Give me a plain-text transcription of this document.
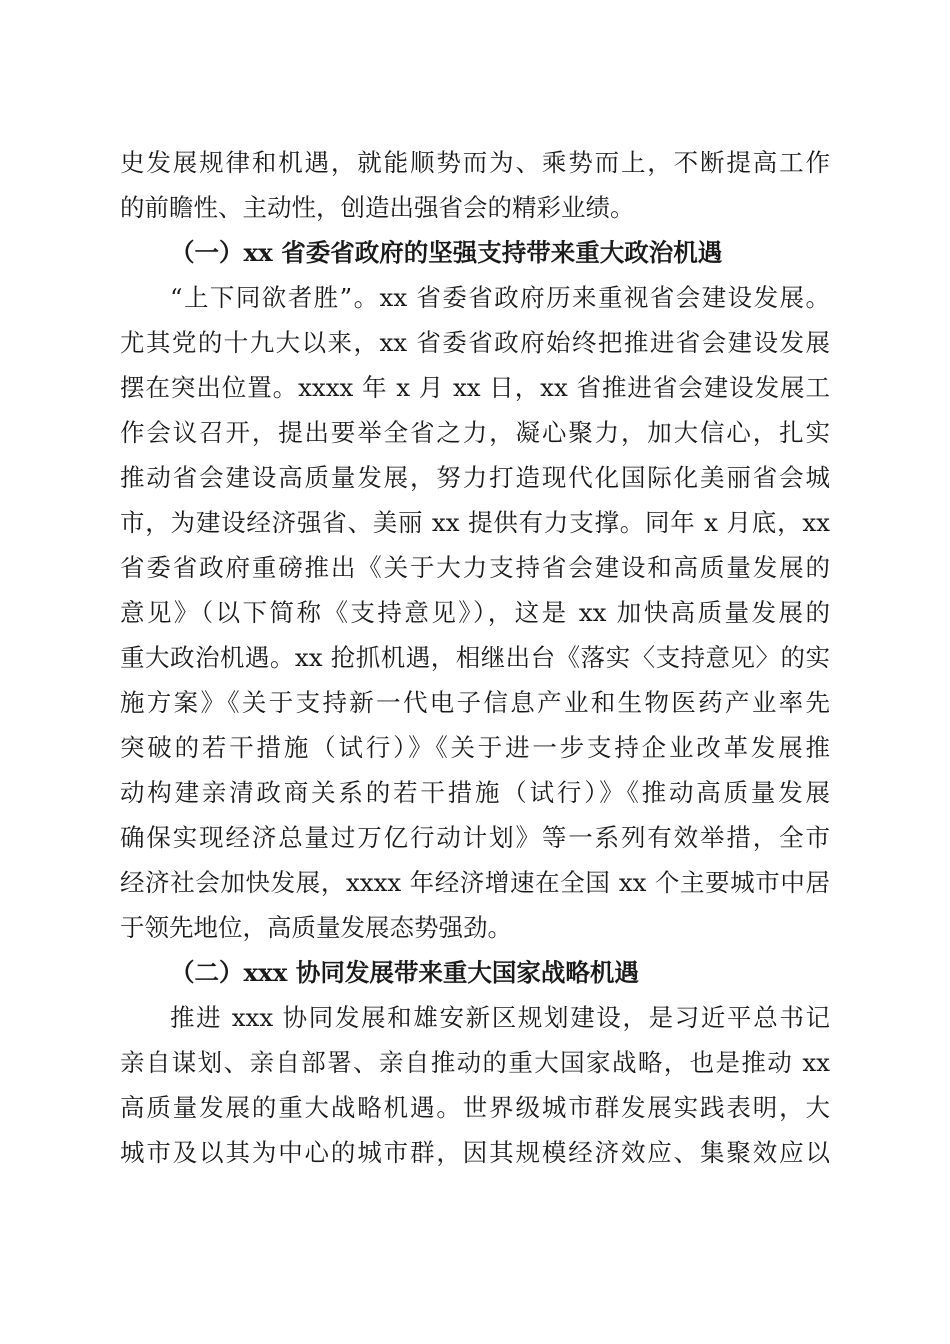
史发展规律和机遇，就能顺势而为、乘势而上，不断提高工作
的前瞻性、主动性，创造出强省会的精彩业绩。
（一）xx 省委省政府的坚强支持带来重大政治机遇
“上下同欲者胜”。xx 省委省政府历来重视省会建设发展。
尤其党的十九大以来，xx 省委省政府始终把推进省会建设发展
摆在突出位置。xxxx 年 x 月 xx 日，xx 省推进省会建设发展工
作会议召开，提出要举全省之力，凝心聚力，加大信心，扎实
推动省会建设高质量发展，努力打造现代化国际化美丽省会城
市，为建设经济强省、美丽 xx 提供有力支撑。同年 x 月底，xx
省委省政府重磅推出《关于大力支持省会建设和高质量发展的
意见》（以下简称《支持意见》），这是 xx 加快高质量发展的
重大政治机遇。xx 抢抓机遇，相继出台《落实〈支持意见〉的实
施方案》《关于支持新一代电子信息产业和生物医药产业率先
突破的若干措施（试行）》《关于进一步支持企业改革发展推
动构建亲清政商关系的若干措施（试行）》《推动高质量发展
确保实现经济总量过万亿行动计划》等一系列有效举措，全市
经济社会加快发展，xxxx 年经济增速在全国 xx 个主要城市中居
于领先地位，高质量发展态势强劲。
（二）xxx 协同发展带来重大国家战略机遇
推进 xxx 协同发展和雄安新区规划建设，是习近平总书记
亲自谋划、亲自部署、亲自推动的重大国家战略，也是推动 xx
高质量发展的重大战略机遇。世界级城市群发展实践表明，大
城市及以其为中心的城市群，因其规模经济效应、集聚效应以
